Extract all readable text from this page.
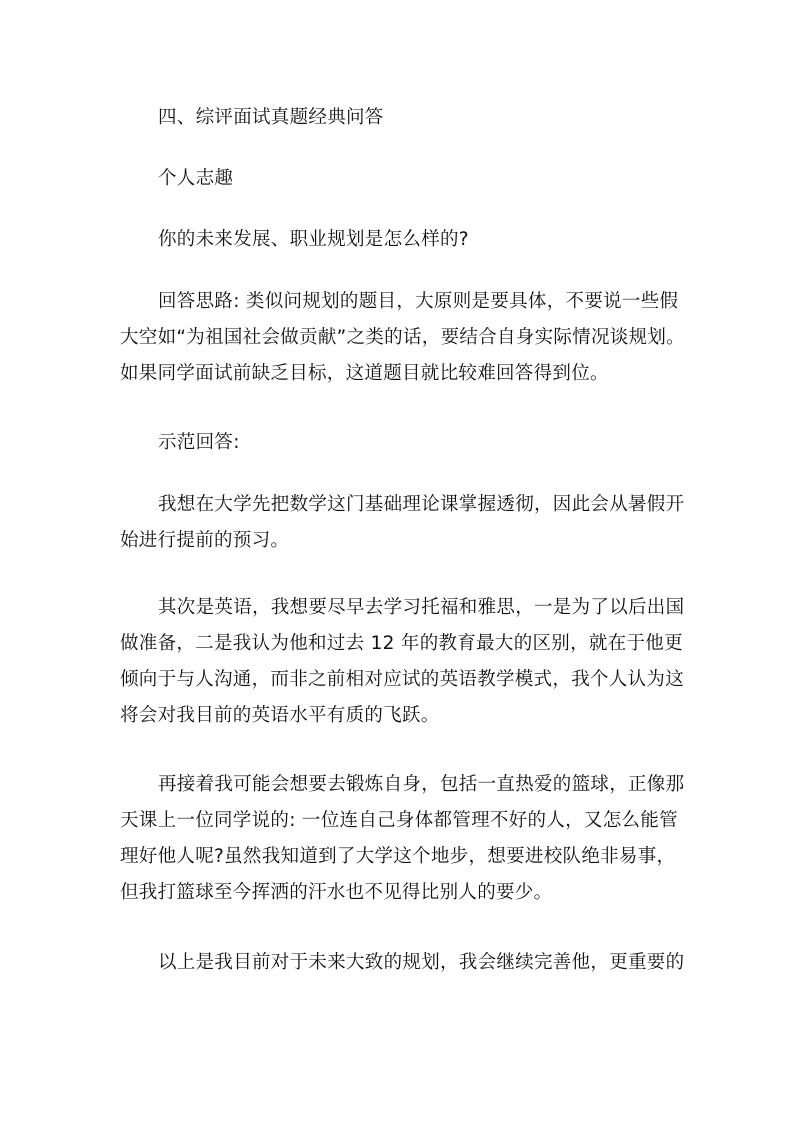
四、综评面试真题经典问答
个人志趣
你的未来发展、职业规划是怎么样的?
回答思路: 类似问规划的题目，大原则是要具体，不要说一些假
大空如“为祖国社会做贡献”之类的话，要结合自身实际情况谈规划。
如果同学面试前缺乏目标，这道题目就比较难回答得到位。
示范回答:
我想在大学先把数学这门基础理论课掌握透彻，因此会从暑假开
始进行提前的预习。
其次是英语，我想要尽早去学习托福和雅思，一是为了以后出国
做准备，二是我认为他和过去 12 年的教育最大的区别，就在于他更
倾向于与人沟通，而非之前相对应试的英语教学模式，我个人认为这
将会对我目前的英语水平有质的飞跃。
再接着我可能会想要去锻炼自身，包括一直热爱的篮球，正像那
天课上一位同学说的: 一位连自己身体都管理不好的人，又怎么能管
理好他人呢?虽然我知道到了大学这个地步，想要进校队绝非易事，
但我打篮球至今挥洒的汗水也不见得比别人的要少。
以上是我目前对于未来大致的规划，我会继续完善他，更重要的
